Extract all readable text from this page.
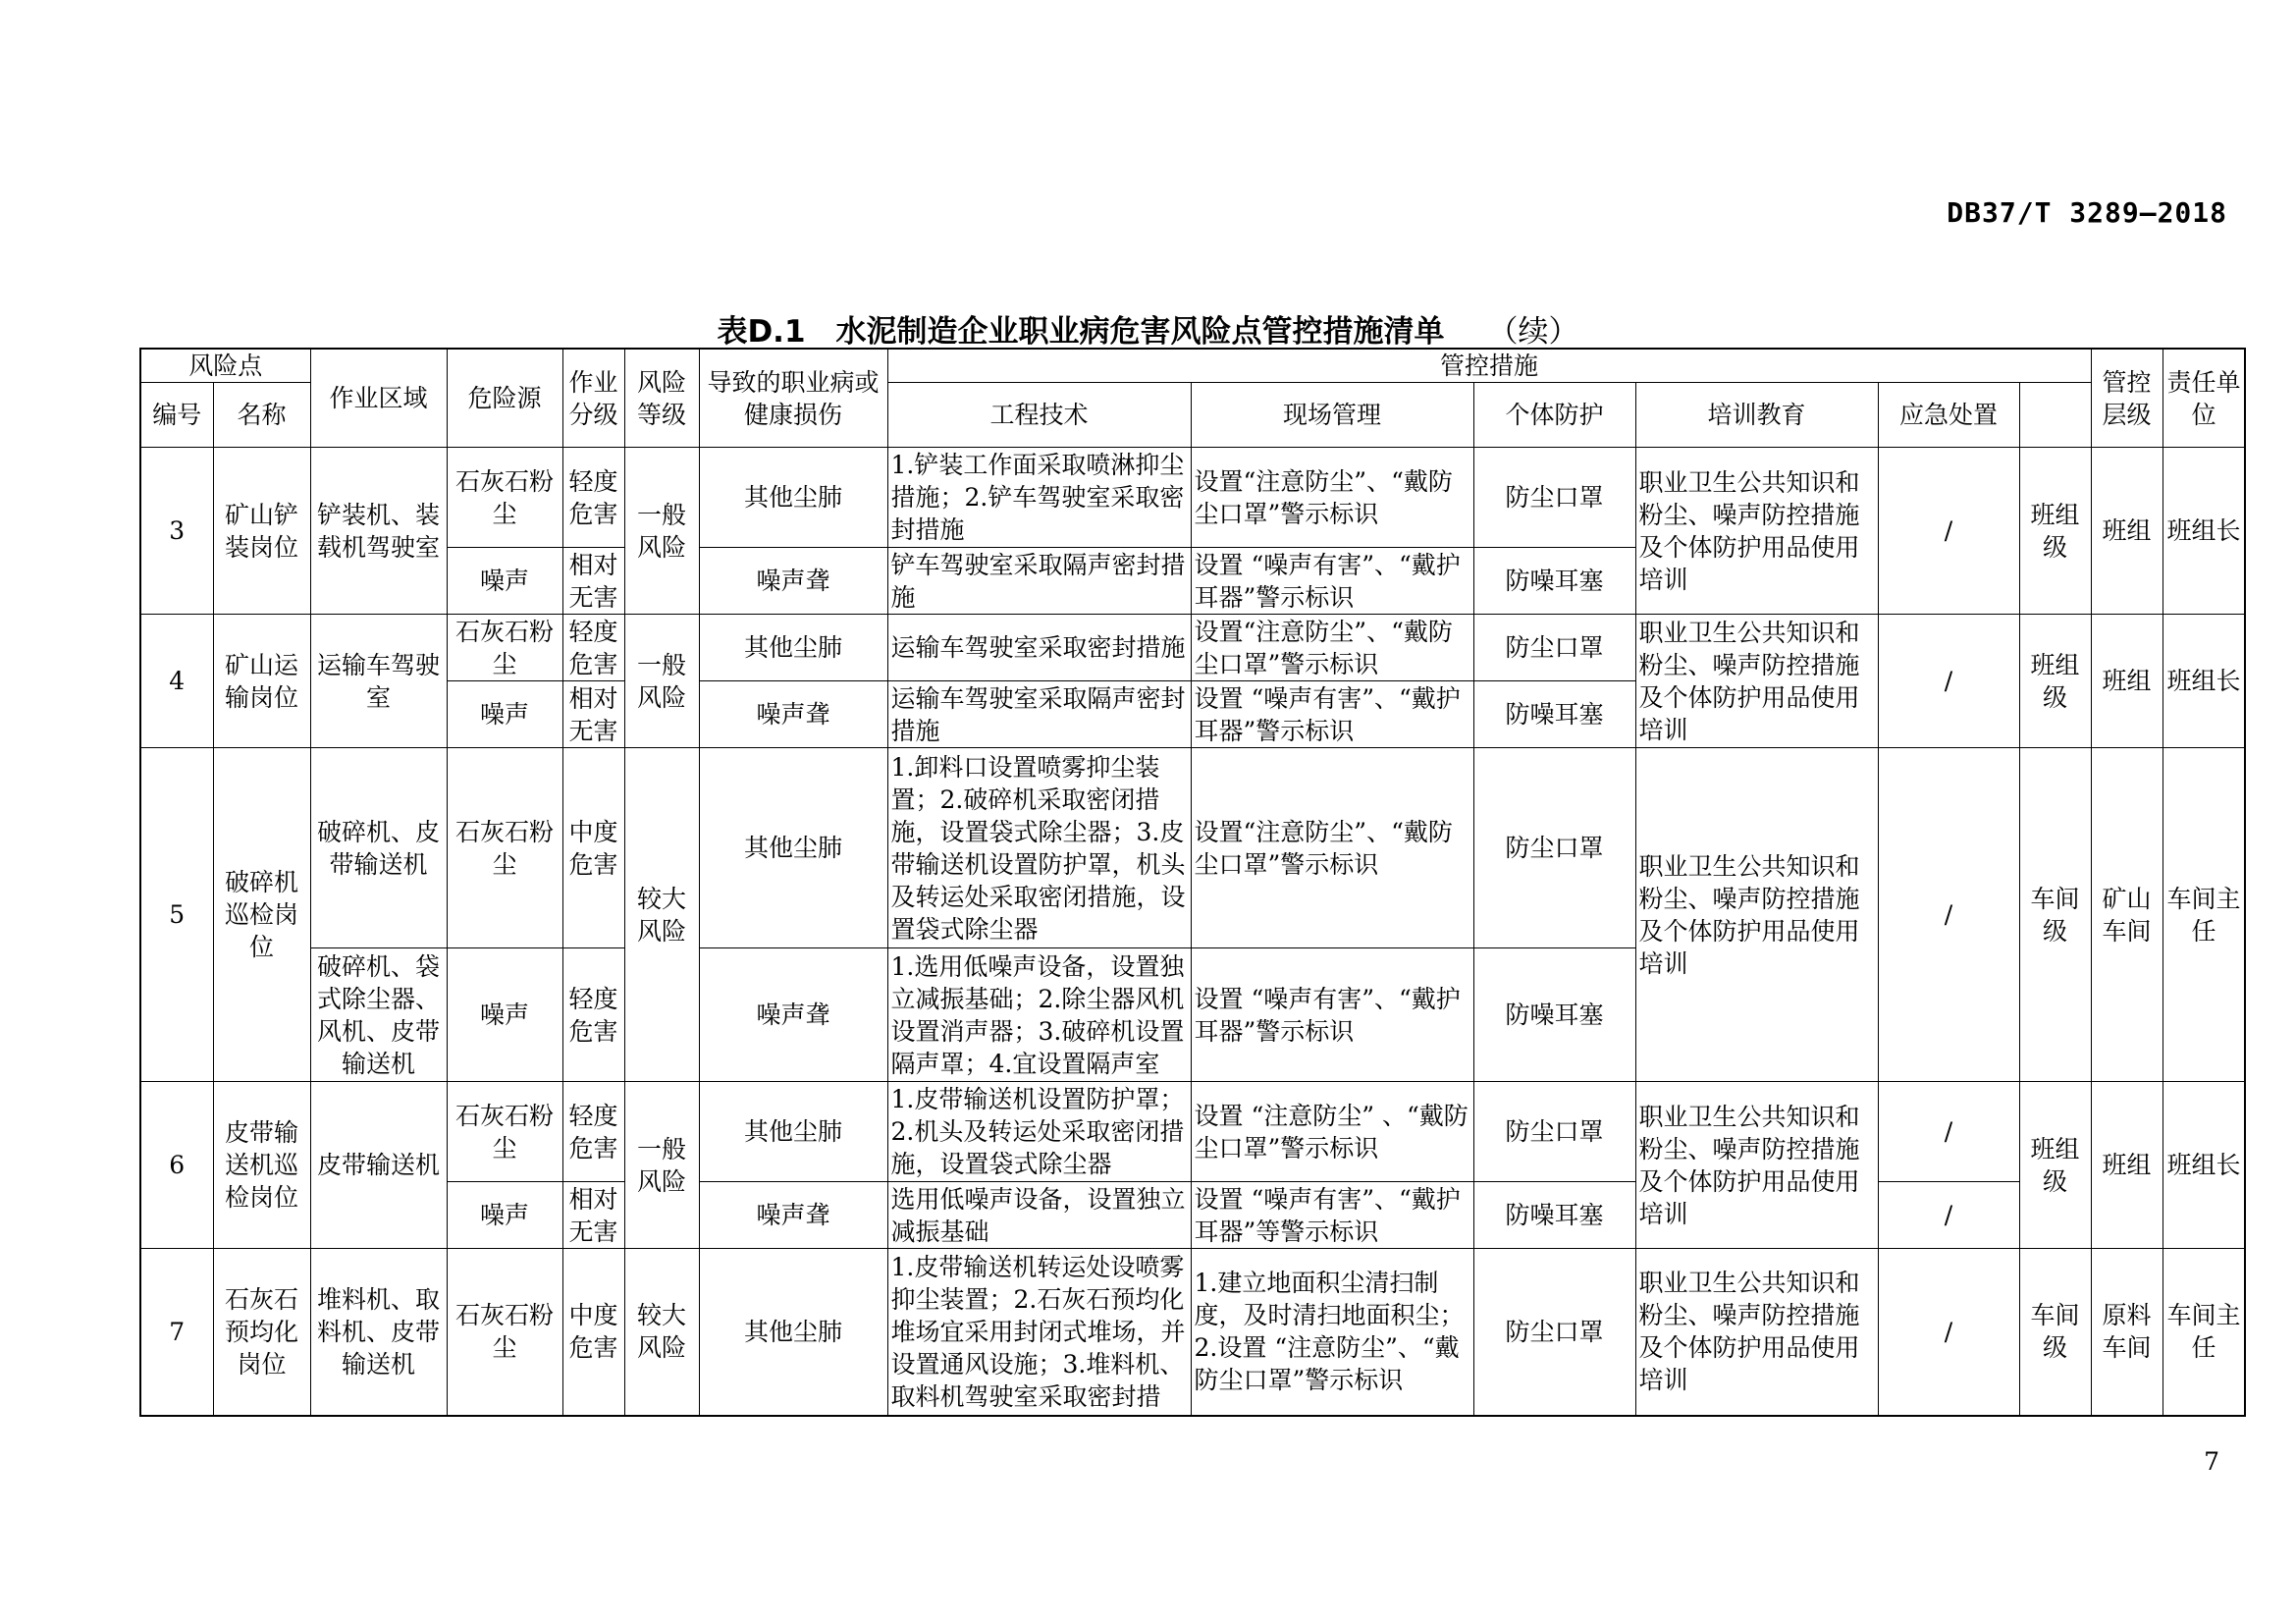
DB37/T 3289—2018
表D.1　水泥制造企业职业病危害风险点管控措施清单 （续）
风险点		作业区域	危险源	作业分级	风险等级	导致的职业病或健康损伤	管控措施						管控层级	责任单位	
编号	名称						工程技术	现场管理	个体防护	培训教育	应急处置				
3	矿山铲装岗位	铲装机、装载机驾驶室	石灰石粉尘	轻度危害	一般风险	其他尘肺	1.铲装工作面采取喷淋抑尘措施；2.铲车驾驶室采取密封措施	设置“注意防尘”、“戴防尘口罩”警示标识	防尘口罩	职业卫生公共知识和粉尘、噪声防控措施及个体防护用品使用培训	/	班组级	班组	班组长	
			噪声	相对无害		噪声聋	铲车驾驶室采取隔声密封措施	设置 “噪声有害”、“戴护耳器”警示标识	防噪耳塞						
4	矿山运输岗位	运输车驾驶室	石灰石粉尘	轻度危害	一般风险	其他尘肺	运输车驾驶室采取密封措施	设置“注意防尘”、“戴防尘口罩”警示标识	防尘口罩	职业卫生公共知识和粉尘、噪声防控措施及个体防护用品使用培训	/	班组级	班组	班组长	
			噪声	相对无害		噪声聋	运输车驾驶室采取隔声密封措施	设置 “噪声有害”、“戴护耳器”警示标识	防噪耳塞						
5	破碎机巡检岗位	破碎机、皮带输送机	石灰石粉尘	中度危害	较大风险	其他尘肺	1.卸料口设置喷雾抑尘装置；2.破碎机采取密闭措施，设置袋式除尘器；3.皮带输送机设置防护罩，机头及转运处采取密闭措施，设置袋式除尘器	设置“注意防尘”、“戴防尘口罩”警示标识	防尘口罩	职业卫生公共知识和粉尘、噪声防控措施及个体防护用品使用培训	/	车间级	矿山车间	车间主任	
		破碎机、袋式除尘器、风机、皮带输送机	噪声	轻度危害		噪声聋	1.选用低噪声设备，设置独立减振基础；2.除尘器风机设置消声器；3.破碎机设置隔声罩；4.宜设置隔声室	设置 “噪声有害”、“戴护耳器”警示标识	防噪耳塞						
6	皮带输送机巡检岗位	皮带输送机	石灰石粉尘	轻度危害	一般风险	其他尘肺	1.皮带输送机设置防护罩；2.机头及转运处采取密闭措施，设置袋式除尘器	设置 “注意防尘” 、“戴防尘口罩”警示标识	防尘口罩	职业卫生公共知识和粉尘、噪声防控措施及个体防护用品使用培训	/	班组级	班组	班组长	
			噪声	相对无害		噪声聋	选用低噪声设备，设置独立减振基础	设置 “噪声有害”、“戴护耳器”等警示标识	防噪耳塞		/				
7	石灰石预均化岗位	堆料机、取料机、皮带输送机	石灰石粉尘	中度危害	较大风险	其他尘肺	1.皮带输送机转运处设喷雾抑尘装置；2.石灰石预均化堆场宜采用封闭式堆场，并设置通风设施；3.堆料机、取料机驾驶室采取密封措	1.建立地面积尘清扫制度，及时清扫地面积尘；2.设置 “注意防尘”、“戴防尘口罩”警示标识	防尘口罩	职业卫生公共知识和粉尘、噪声防控措施及个体防护用品使用培训	/	车间级	原料车间	车间主任	
7
